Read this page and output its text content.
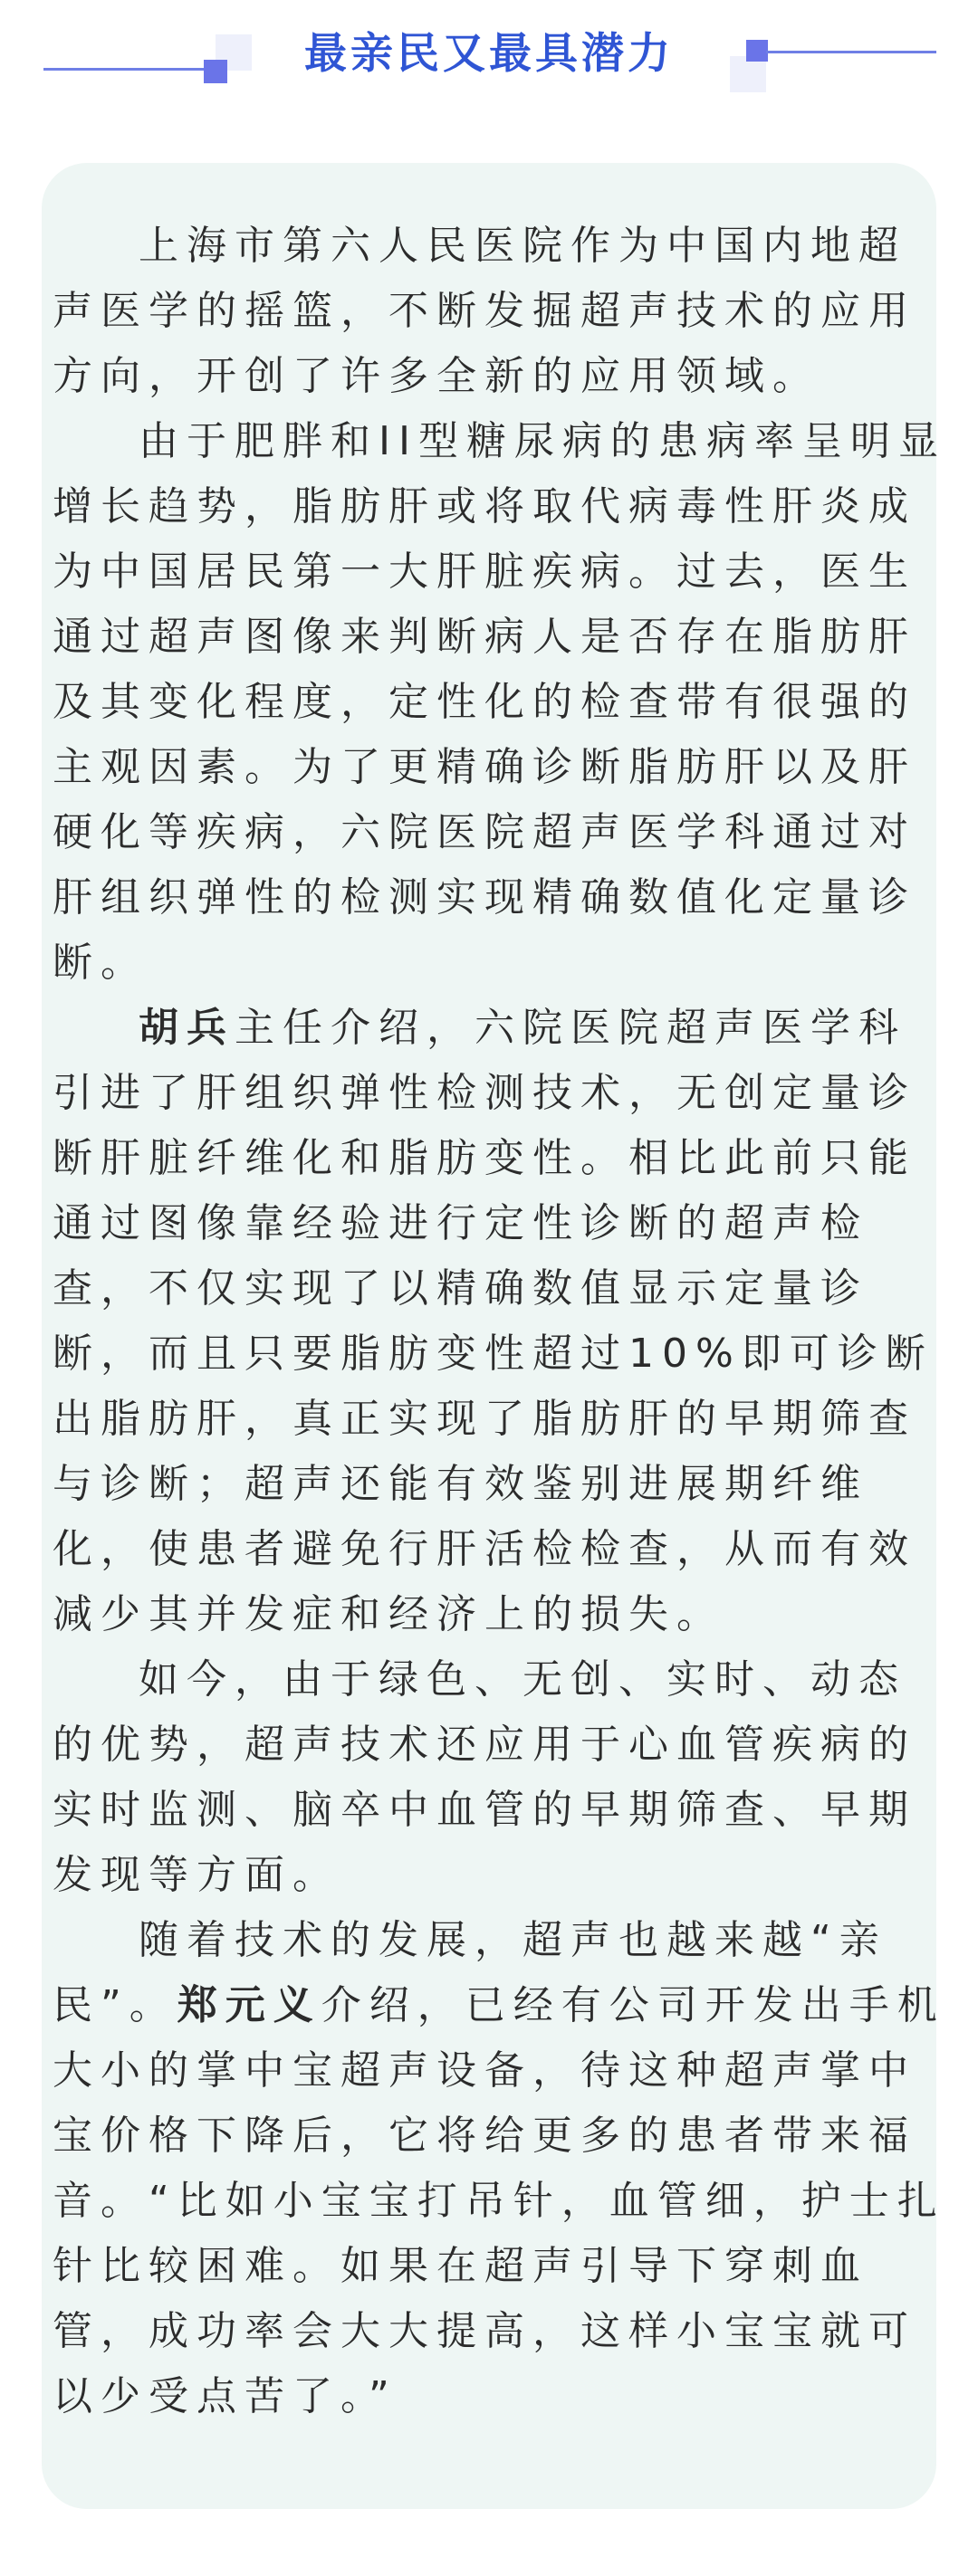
最亲民又最具潜力
上海市第六人民医院作为中国内地超
声医学的摇篮，不断发掘超声技术的应用
方向，开创了许多全新的应用领域。
由于肥胖和II型糖尿病的患病率呈明显
增长趋势，脂肪肝或将取代病毒性肝炎成
为中国居民第一大肝脏疾病。过去，医生
通过超声图像来判断病人是否存在脂肪肝
及其变化程度，定性化的检查带有很强的
主观因素。为了更精确诊断脂肪肝以及肝
硬化等疾病，六院医院超声医学科通过对
肝组织弹性的检测实现精确数值化定量诊
断。
胡兵主任介绍，六院医院超声医学科
引进了肝组织弹性检测技术，无创定量诊
断肝脏纤维化和脂肪变性。相比此前只能
通过图像靠经验进行定性诊断的超声检
查，不仅实现了以精确数值显示定量诊
断，而且只要脂肪变性超过10%即可诊断
出脂肪肝，真正实现了脂肪肝的早期筛查
与诊断；超声还能有效鉴别进展期纤维
化，使患者避免行肝活检检查，从而有效
减少其并发症和经济上的损失。
如今，由于绿色、无创、实时、动态
的优势，超声技术还应用于心血管疾病的
实时监测、脑卒中血管的早期筛查、早期
发现等方面。
随着技术的发展，超声也越来越“亲
民”。郑元义介绍，已经有公司开发出手机
大小的掌中宝超声设备，待这种超声掌中
宝价格下降后，它将给更多的患者带来福
音。“比如小宝宝打吊针，血管细，护士扎
针比较困难。如果在超声引导下穿刺血
管，成功率会大大提高，这样小宝宝就可
以少受点苦了。”
